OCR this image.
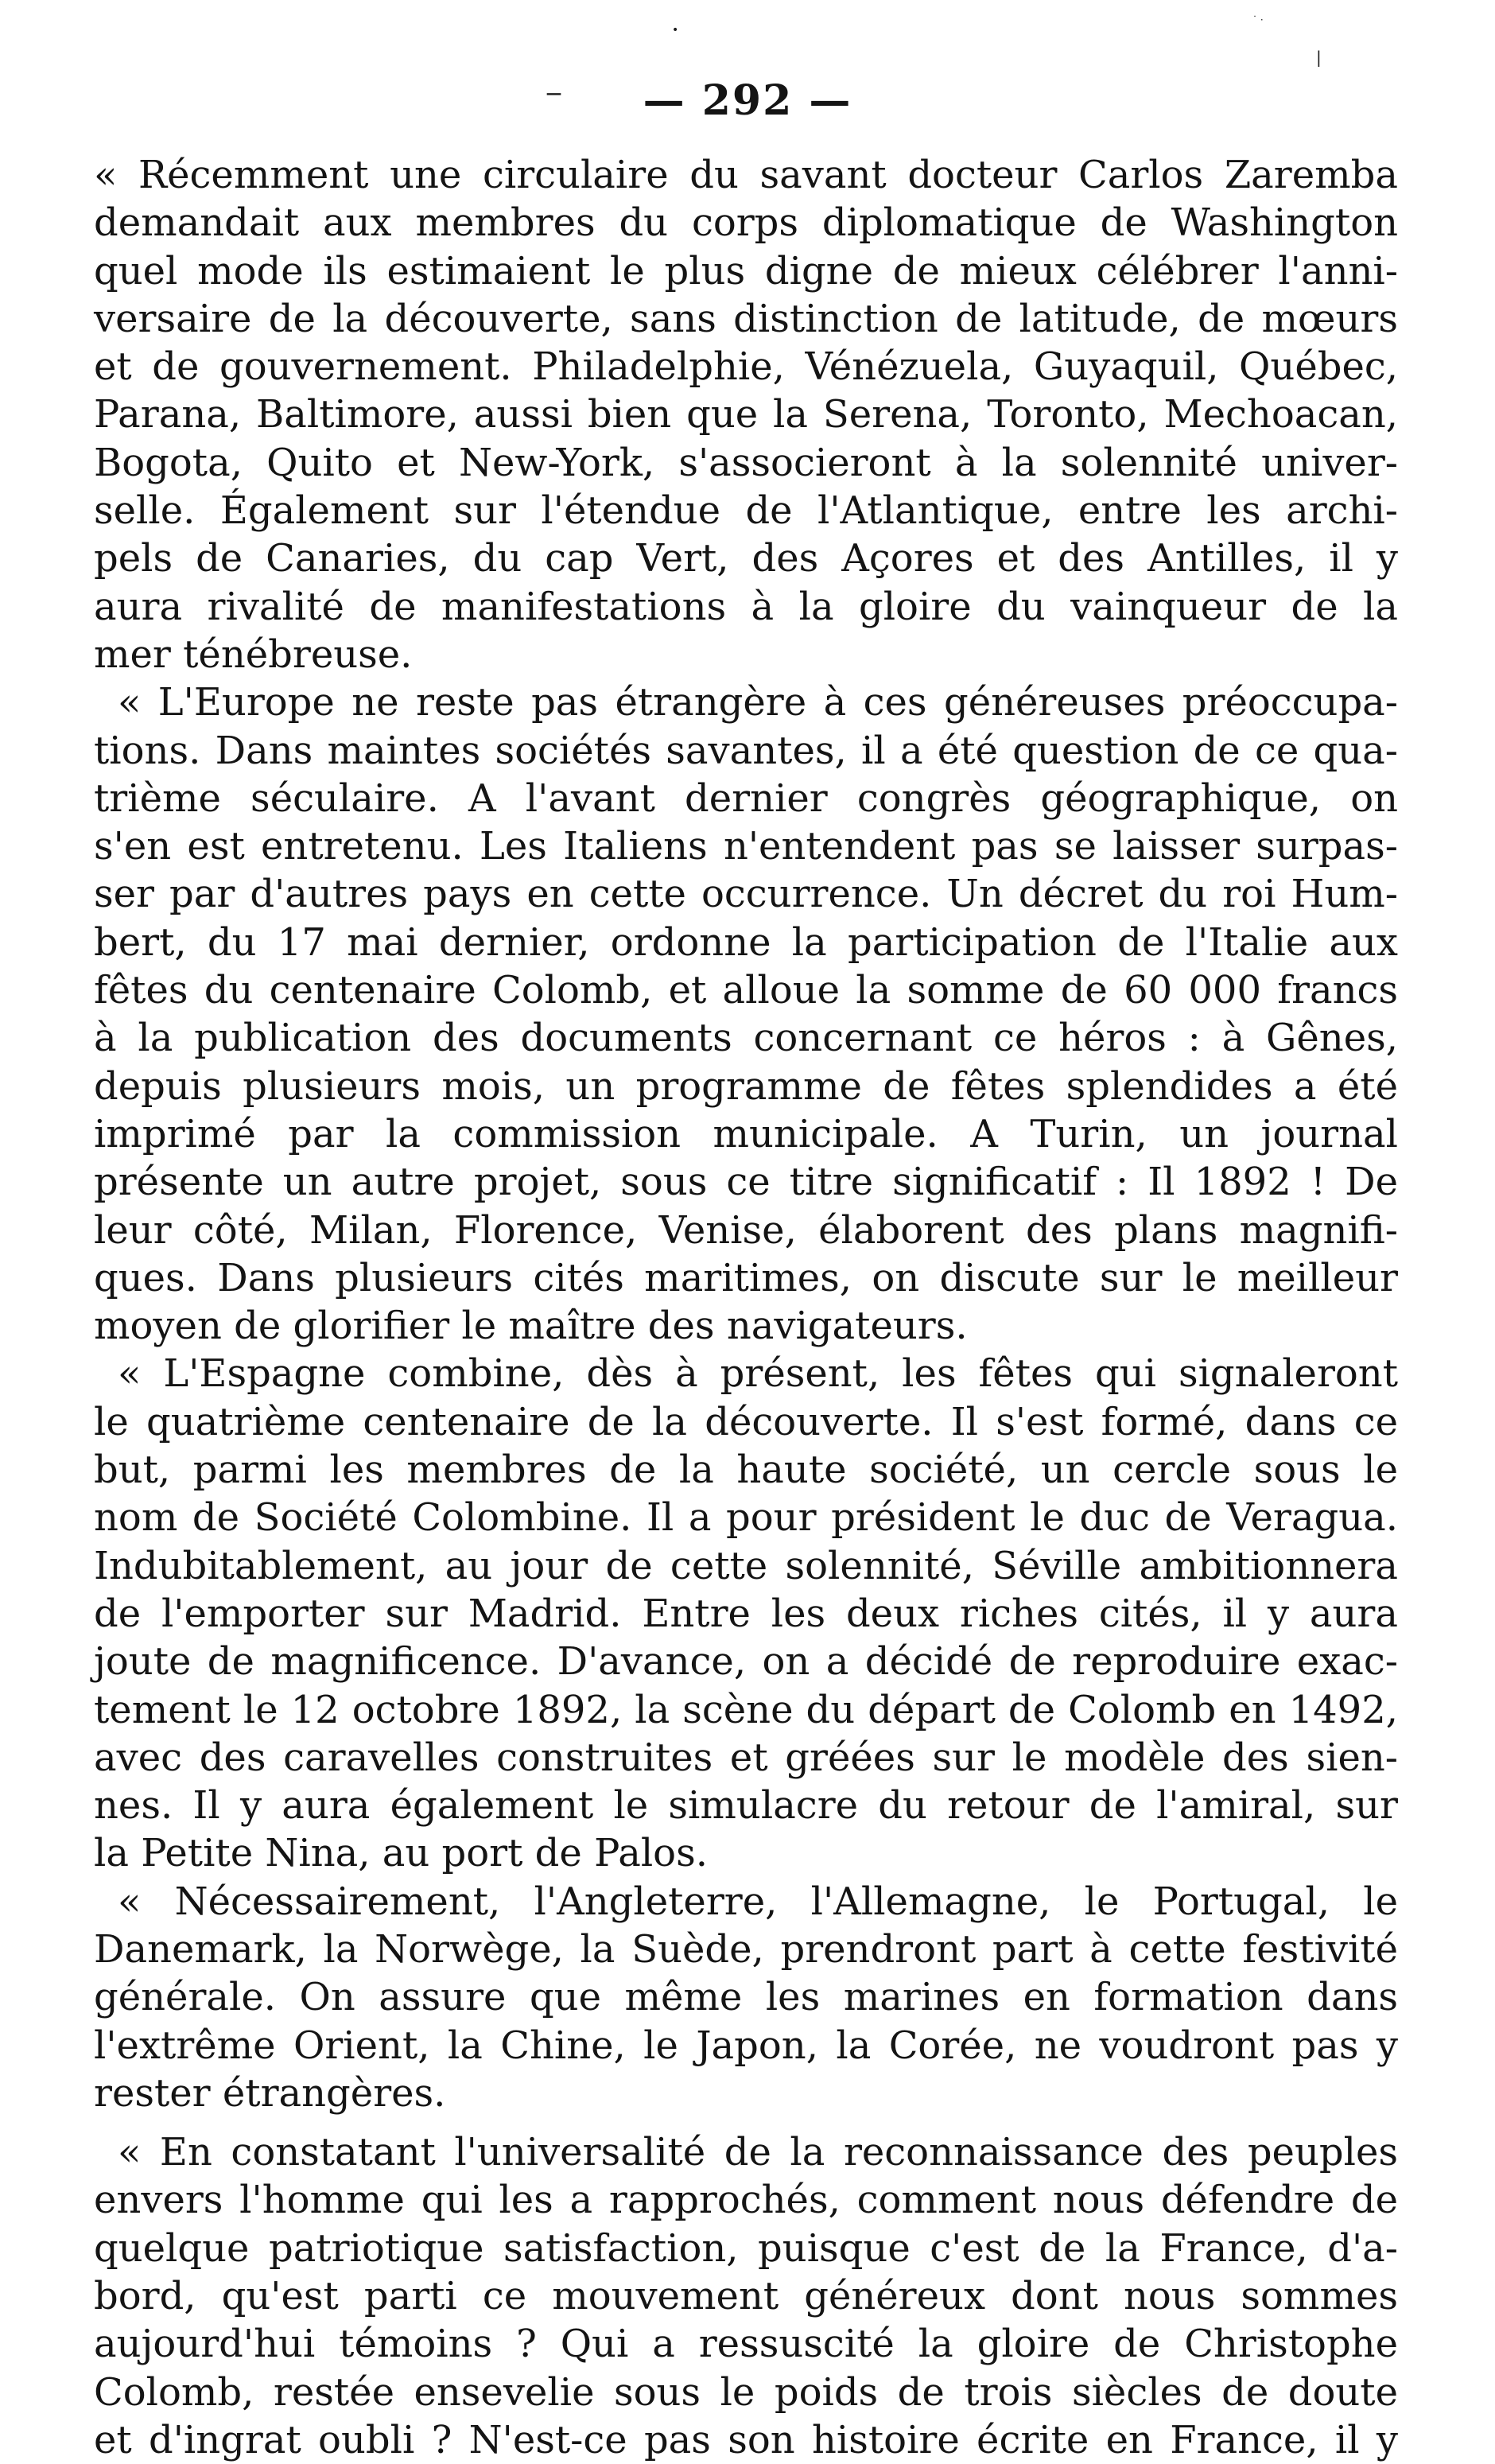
— 292 —
•
˙ ·
|
‾
« Récemment une circulaire du savant docteur Carlos Zaremba
demandait aux membres du corps diplomatique de Washington
quel mode ils estimaient le plus digne de mieux célébrer l'anni-
versaire de la découverte, sans distinction de latitude, de mœurs
et de gouvernement. Philadelphie, Vénézuela, Guyaquil, Québec,
Parana, Baltimore, aussi bien que la Serena, Toronto, Mechoacan,
Bogota, Quito et New-York, s'associeront à la solennité univer-
selle. Également sur l'étendue de l'Atlantique, entre les archi-
pels de Canaries, du cap Vert, des Açores et des Antilles, il y
aura rivalité de manifestations à la gloire du vainqueur de la
mer ténébreuse.
« L'Europe ne reste pas étrangère à ces généreuses préoccupa-
tions. Dans maintes sociétés savantes, il a été question de ce qua-
trième séculaire. A l'avant dernier congrès géographique, on
s'en est entretenu. Les Italiens n'entendent pas se laisser surpas-
ser par d'autres pays en cette occurrence. Un décret du roi Hum-
bert, du 17 mai dernier, ordonne la participation de l'Italie aux
fêtes du centenaire Colomb, et alloue la somme de 60 000 francs
à la publication des documents concernant ce héros : à Gênes,
depuis plusieurs mois, un programme de fêtes splendides a été
imprimé par la commission municipale. A Turin, un journal
présente un autre projet, sous ce titre significatif : Il 1892 ! De
leur côté, Milan, Florence, Venise, élaborent des plans magnifi-
ques. Dans plusieurs cités maritimes, on discute sur le meilleur
moyen de glorifier le maître des navigateurs.
« L'Espagne combine, dès à présent, les fêtes qui signaleront
le quatrième centenaire de la découverte. Il s'est formé, dans ce
but, parmi les membres de la haute société, un cercle sous le
nom de Société Colombine. Il a pour président le duc de Veragua.
Indubitablement, au jour de cette solennité, Séville ambitionnera
de l'emporter sur Madrid. Entre les deux riches cités, il y aura
joute de magnificence. D'avance, on a décidé de reproduire exac-
tement le 12 octobre 1892, la scène du départ de Colomb en 1492,
avec des caravelles construites et gréées sur le modèle des sien-
nes. Il y aura également le simulacre du retour de l'amiral, sur
la Petite Nina, au port de Palos.
« Nécessairement, l'Angleterre, l'Allemagne, le Portugal, le
Danemark, la Norwège, la Suède, prendront part à cette festivité
générale. On assure que même les marines en formation dans
l'extrême Orient, la Chine, le Japon, la Corée, ne voudront pas y
rester étrangères.
« En constatant l'universalité de la reconnaissance des peuples
envers l'homme qui les a rapprochés, comment nous défendre de
quelque patriotique satisfaction, puisque c'est de la France, d'a-
bord, qu'est parti ce mouvement généreux dont nous sommes
aujourd'hui témoins ? Qui a ressuscité la gloire de Christophe
Colomb, restée ensevelie sous le poids de trois siècles de doute
et d'ingrat oubli ? N'est-ce pas son histoire écrite en France, il y
